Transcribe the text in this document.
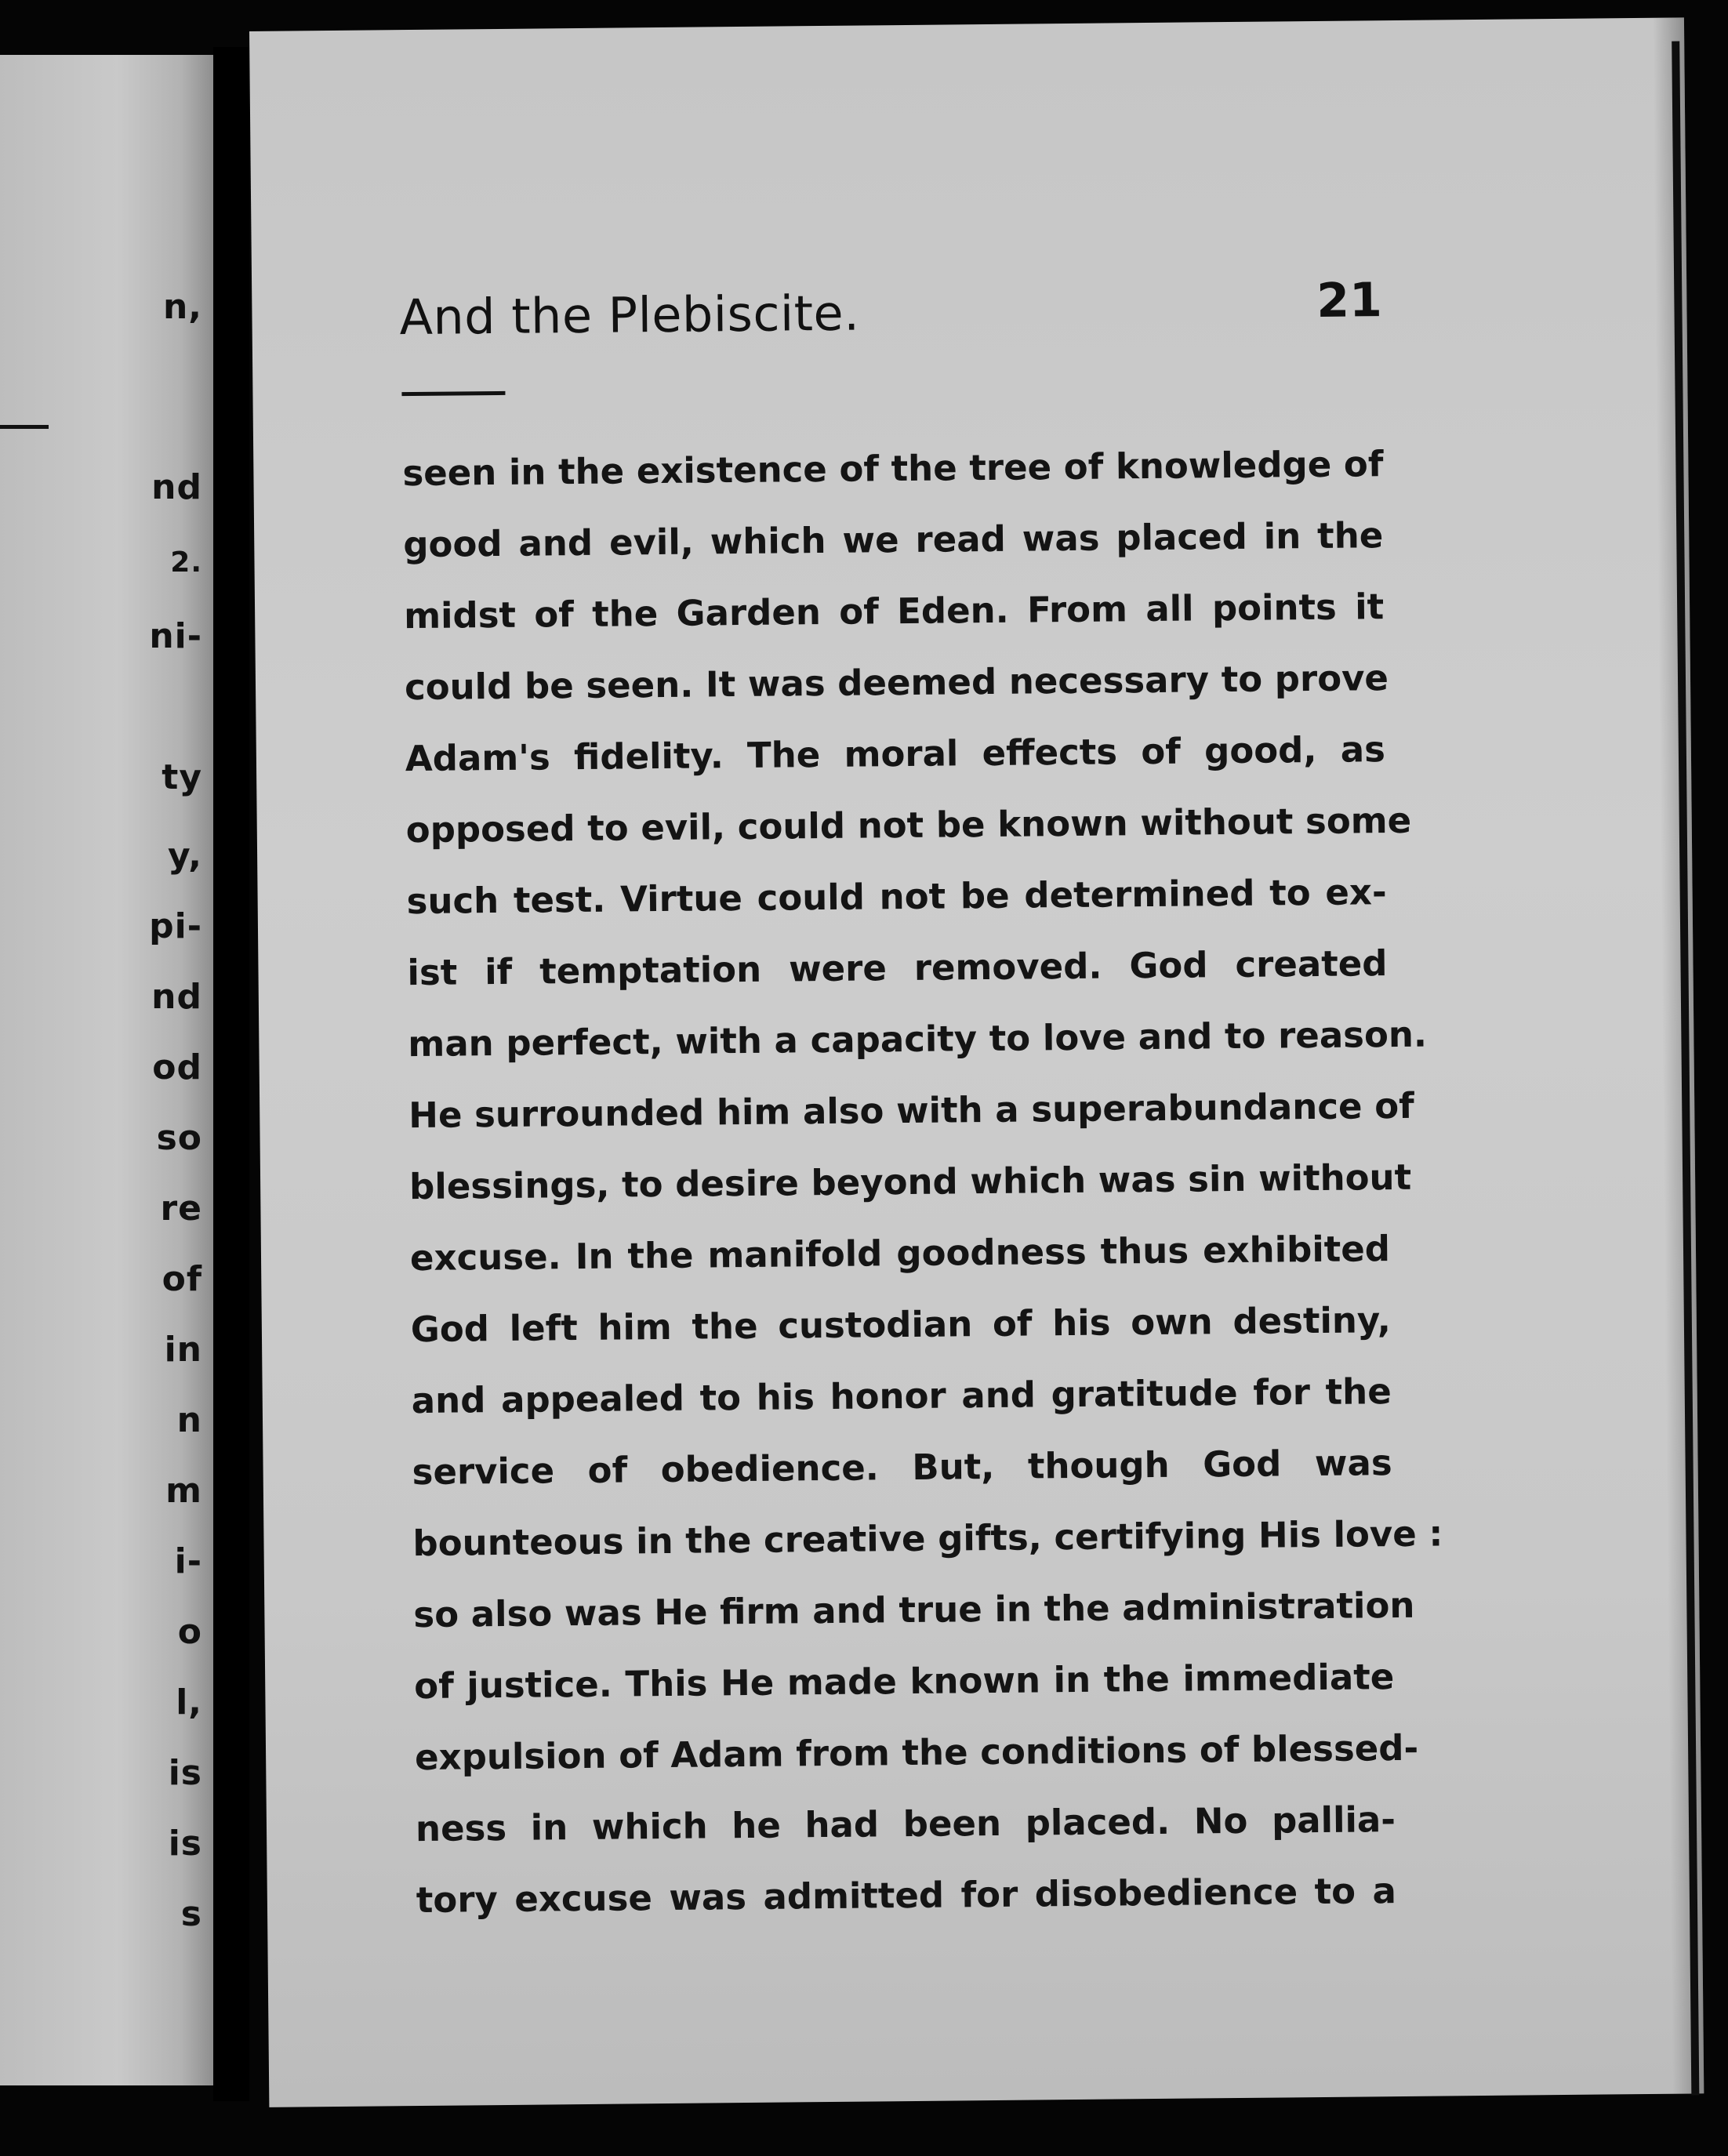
n,
nd
2.
ni-
ty
y,
pi-
nd
od
so
re
of
in
n
m
i-
o
l,
is
is
s
And the Plebiscite.	21
seen in the existence of the tree of knowledge of
good and evil, which we read was placed in the
midst of the Garden of Eden. From all points it
could be seen. It was deemed necessary to prove
Adam's fidelity. The moral effects of good, as
opposed to evil, could not be known without some
such test. Virtue could not be determined to ex-
ist if temptation were removed. God created
man perfect, with a capacity to love and to reason.
He surrounded him also with a superabundance of
blessings, to desire beyond which was sin without
excuse. In the manifold goodness thus exhibited
God left him the custodian of his own destiny,
and appealed to his honor and gratitude for the
service of obedience. But, though God was
bounteous in the creative gifts, certifying His love :
so also was He firm and true in the administration
of justice. This He made known in the immediate
expulsion of Adam from the conditions of blessed-
ness in which he had been placed. No pallia-
tory excuse was admitted for disobedience to a
